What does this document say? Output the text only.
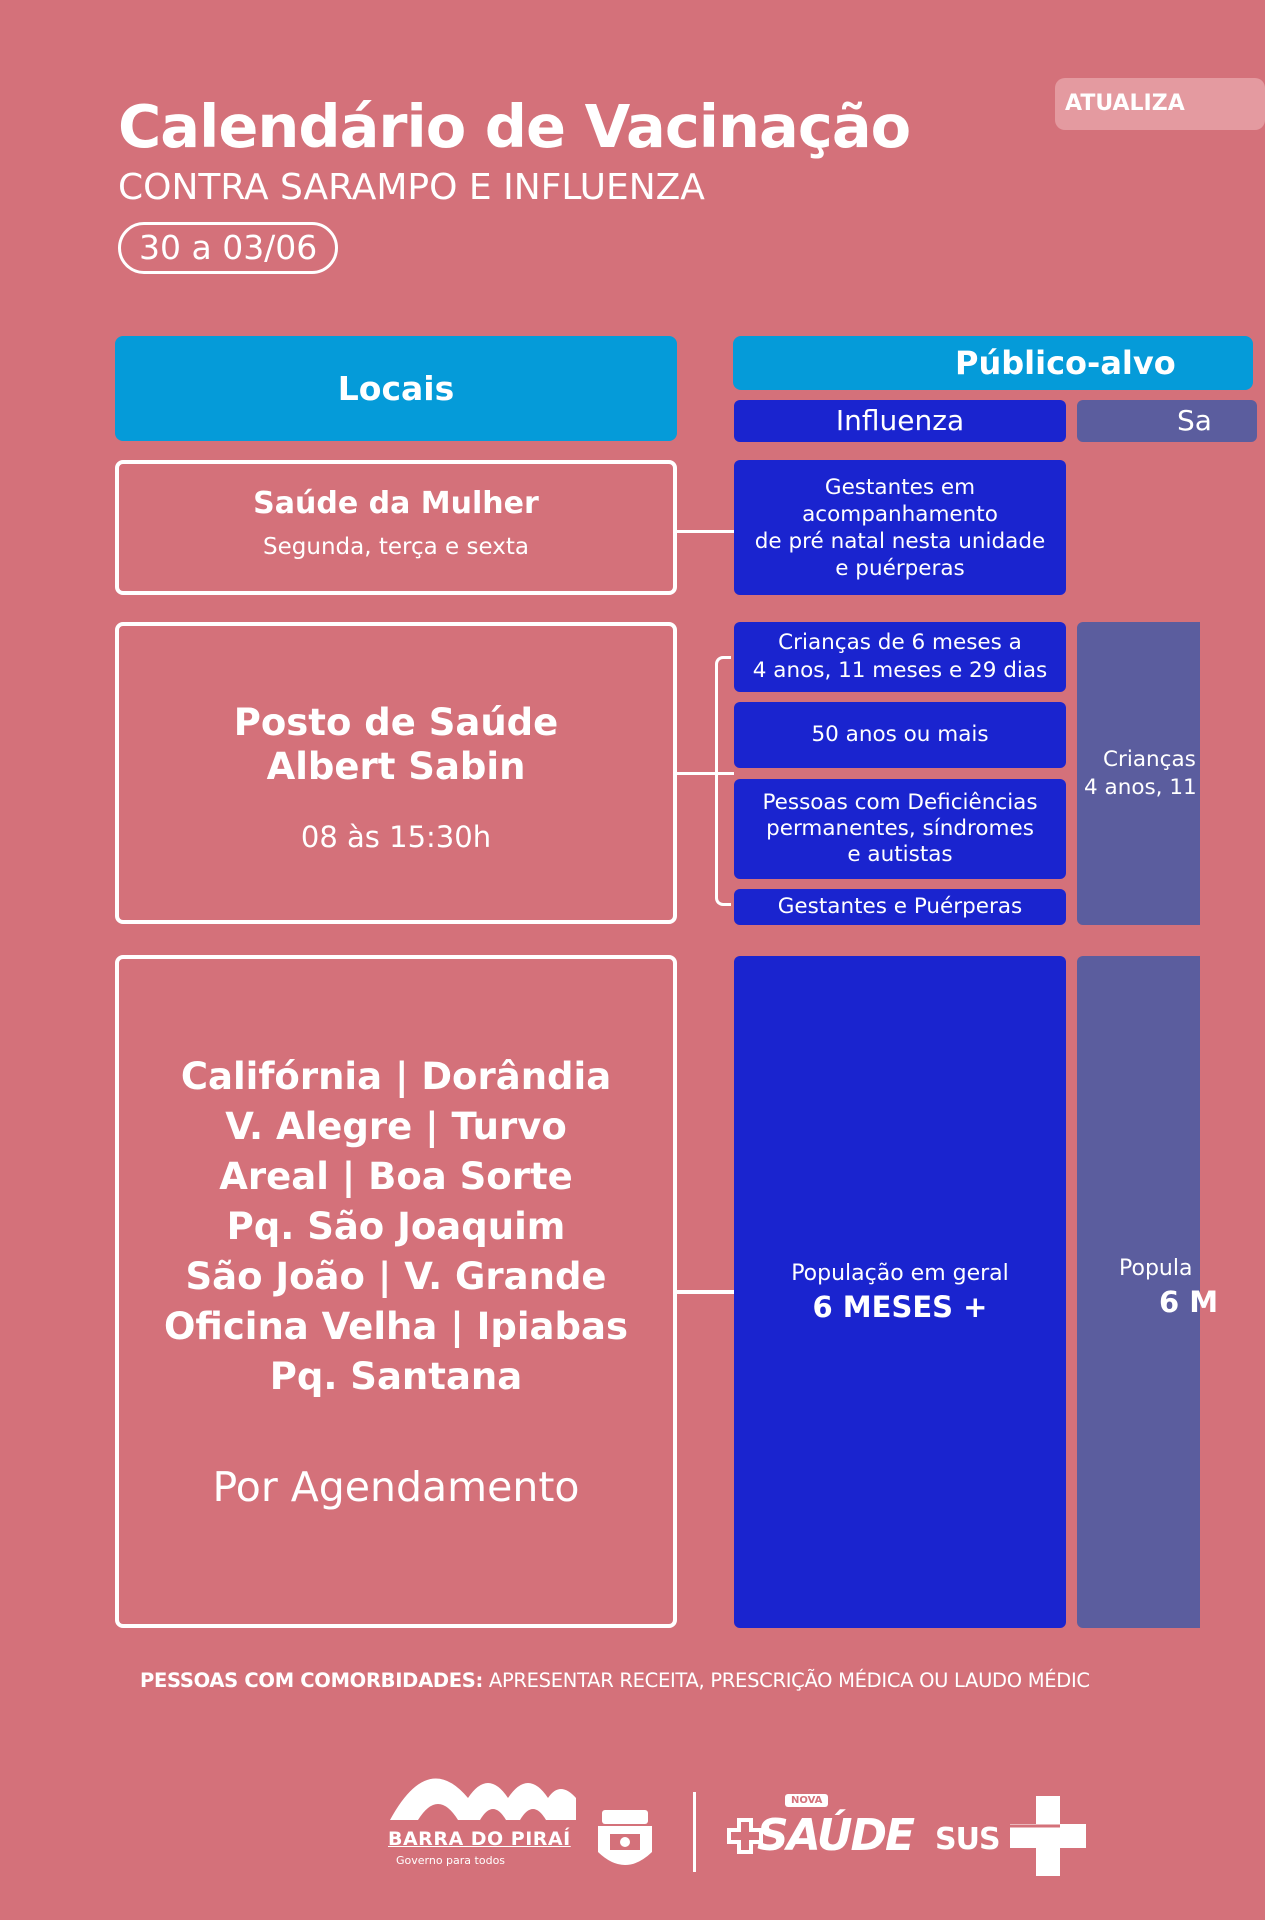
Calendário de Vacinação
CONTRA SARAMPO E INFLUENZA
30 a 03/06
ATUALIZA
Locais
Público-alvo
Influenza	Sa
Saúde da Mulher
Segunda, terça e sexta
Gestantes em
acompanhamento
de pré natal nesta unidade
e puérperas
Posto de Saúde
Albert Sabin
08 às 15:30h
Crianças de 6 meses a
4 anos, 11 meses e 29 dias
50 anos ou mais
Pessoas com Deficiências
permanentes, síndromes
e autistas
Gestantes e Puérperas
Crianças
4 anos, 11
Califórnia | Dorândia
V. Alegre | Turvo
Areal | Boa Sorte
Pq. São Joaquim
São João | V. Grande
Oficina Velha | Ipiabas
Pq. Santana
Por Agendamento
População em geral
6 MESES +
Popula
6 M
PESSOAS COM COMORBIDADES: APRESENTAR RECEITA, PRESCRIÇÃO MÉDICA OU LAUDO MÉDIC
BARRA DO PIRAÍ
Governo para todos
NOVA
SAÚDE SUS
